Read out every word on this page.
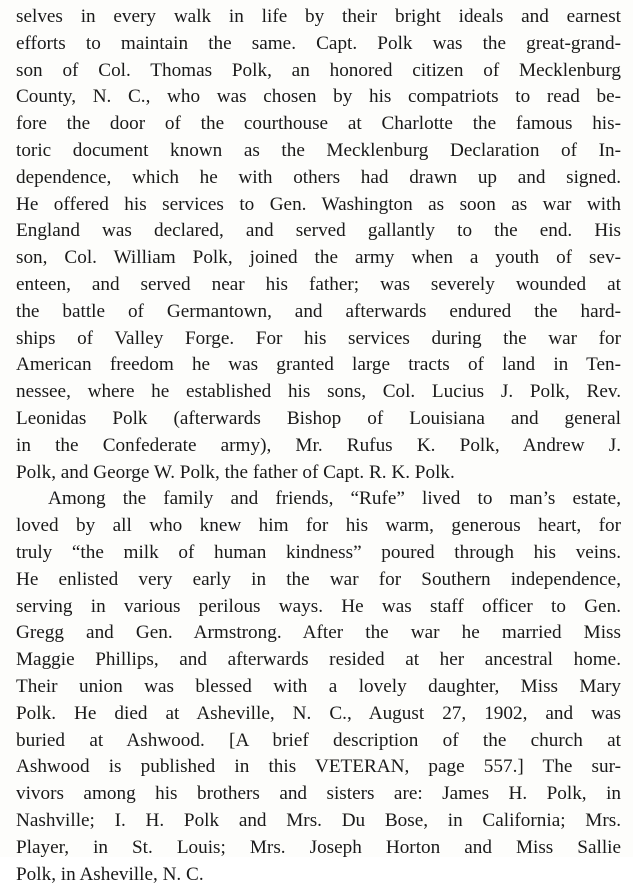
selves in every walk in life by their bright ideals and earnest
efforts to maintain the same. Capt. Polk was the great-grand-
son of Col. Thomas Polk, an honored citizen of Mecklenburg
County, N. C., who was chosen by his compatriots to read be-
fore the door of the courthouse at Charlotte the famous his-
toric document known as the Mecklenburg Declaration of In-
dependence, which he with others had drawn up and signed.
He offered his services to Gen. Washington as soon as war with
England was declared, and served gallantly to the end. His
son, Col. William Polk, joined the army when a youth of sev-
enteen, and served near his father; was severely wounded at
the battle of Germantown, and afterwards endured the hard-
ships of Valley Forge. For his services during the war for
American freedom he was granted large tracts of land in Ten-
nessee, where he established his sons, Col. Lucius J. Polk, Rev.
Leonidas Polk (afterwards Bishop of Louisiana and general
in the Confederate army), Mr. Rufus K. Polk, Andrew J.
Polk, and George W. Polk, the father of Capt. R. K. Polk.

Among the family and friends, “Rufe” lived to man’s estate,
loved by all who knew him for his warm, generous heart, for
truly “the milk of human kindness” poured through his veins.
He enlisted very early in the war for Southern independence,
serving in various perilous ways. He was staff officer to Gen.
Gregg and Gen. Armstrong. After the war he married Miss
Maggie Phillips, and afterwards resided at her ancestral home.
Their union was blessed with a lovely daughter, Miss Mary
Polk. He died at Asheville, N. C., August 27, 1902, and was
buried at Ashwood. [A brief description of the church at
Ashwood is published in this VETERAN, page 557.] The sur-
vivors among his brothers and sisters are: James H. Polk, in
Nashville; I. H. Polk and Mrs. Du Bose, in California; Mrs.
Player, in St. Louis; Mrs. Joseph Horton and Miss Sallie
Polk, in Asheville, N. C.
